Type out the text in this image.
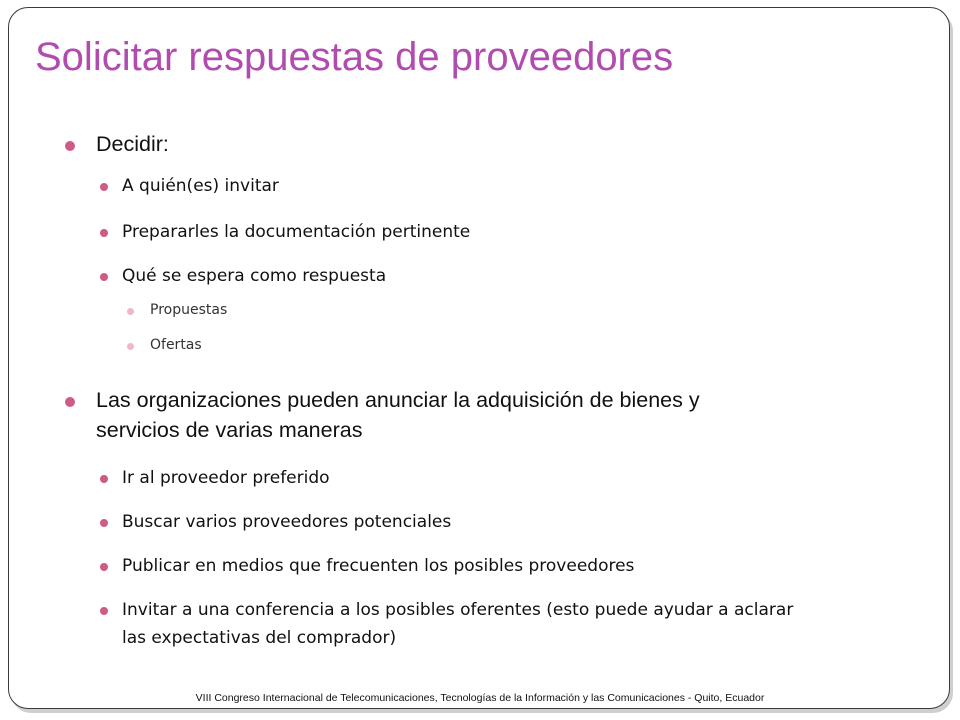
Solicitar respuestas de proveedores
Decidir:
A quién(es) invitar
Prepararles la documentación pertinente
Qué se espera como respuesta
Propuestas
Ofertas
Las organizaciones pueden anunciar la adquisición de bienes y
servicios de varias maneras
Ir al proveedor preferido
Buscar varios proveedores potenciales
Publicar en medios que frecuenten los posibles proveedores
Invitar a una conferencia a los posibles oferentes (esto puede ayudar a aclarar
las expectativas del comprador)
VIII Congreso Internacional de Telecomunicaciones, Tecnologías de la Información y las Comunicaciones - Quito, Ecuador
